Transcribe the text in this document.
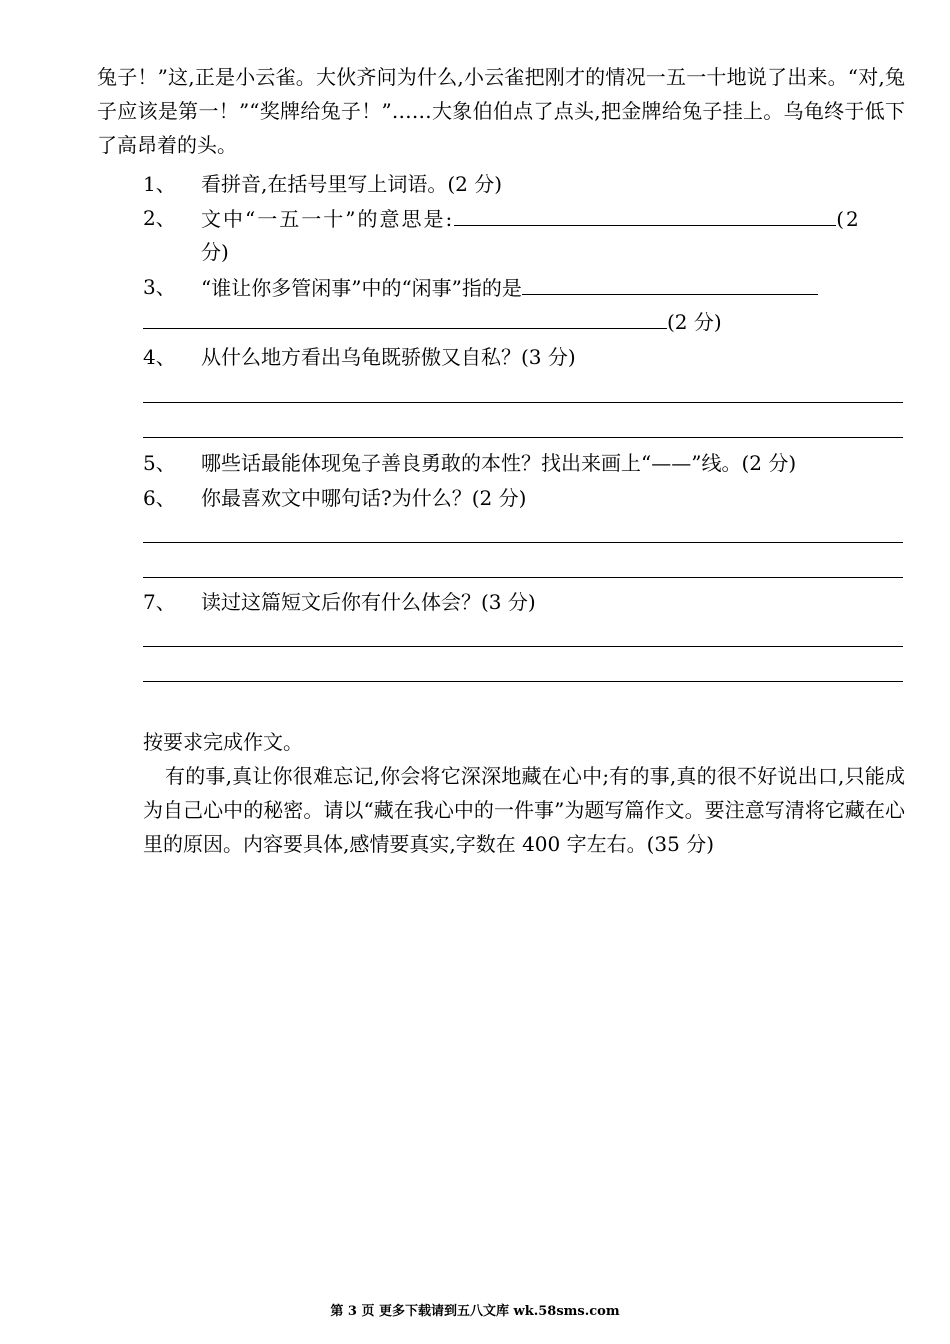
兔子！”这,正是小云雀。大伙齐问为什么,小云雀把刚才的情况一五一十地说了出来。“对,兔子应该是第一！”“奖牌给兔子！”……大象伯伯点了点头,把金牌给兔子挂上。乌龟终于低下了高昂着的头。
1、	看拼音,在括号里写上词语。(2 分)
2、	文中“一五一十”的意思是:	(2
分)
3、	“谁让你多管闲事”中的“闲事”指的是
(2 分)
4、	从什么地方看出乌龟既骄傲又自私？(3 分)
5、	哪些话最能体现兔子善良勇敢的本性？找出来画上“——”线。(2 分)
6、	你最喜欢文中哪句话?为什么？(2 分)
7、	读过这篇短文后你有什么体会？(3 分)
按要求完成作文。
有的事,真让你很难忘记,你会将它深深地藏在心中;有的事,真的很不好说出口,只能成为自己心中的秘密。请以“藏在我心中的一件事”为题写篇作文。要注意写清将它藏在心里的原因。内容要具体,感情要真实,字数在 400 字左右。(35 分)
第 3 页 更多下载请到五八文库 wk.58sms.com
